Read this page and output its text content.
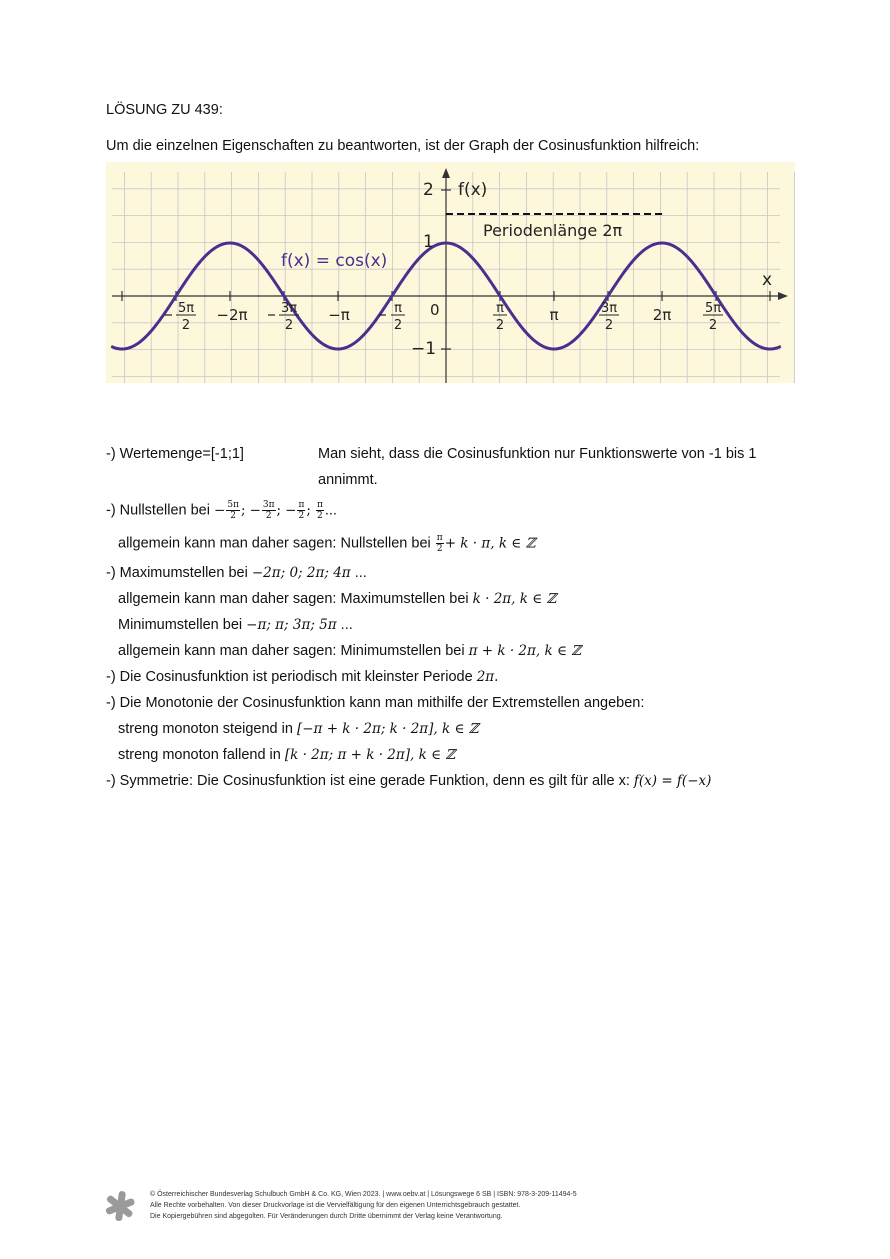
LÖSUNG ZU 439:
Um die einzelnen Eigenschaften zu beantworten, ist der Graph der Cosinusfunktion hilfreich:
f(x)
x
2
1
−1
0
f(x) = cos(x)
Periodenlänge 2π
5π
2
−2π	3π
2
−π	π
2
π
2
π	3π
2
2π	5π
2
-) Wertemenge=[-1;1]	Man sieht, dass die Cosinusfunktion nur Funktionswerte von -1 bis 1
annimmt.
-) Nullstellen bei − $\frac{5\pi}{2}$ ; − $\frac{3\pi}{2}$ ; − $\frac{\pi}{2}$ ; $\frac{\pi}{2}$ ...
allgemein kann man daher sagen: Nullstellen bei $\frac{\pi}{2} + k \cdot \pi$, k ∈ ℤ
-) Maximumstellen bei −2π; 0; 2π; 4π ...
allgemein kann man daher sagen: Maximumstellen bei k · 2π, k ∈ ℤ
Minimumstellen bei −π; π; 3π; 5π ...
allgemein kann man daher sagen: Minimumstellen bei π + k · 2π, k ∈ ℤ
-) Die Cosinusfunktion ist periodisch mit kleinster Periode 2π.
-) Die Monotonie der Cosinusfunktion kann man mithilfe der Extremstellen angeben:
streng monoton steigend in [−π + k · 2π; k · 2π], k ∈ ℤ
streng monoton fallend in [k · 2π; π + k · 2π], k ∈ ℤ
-) Symmetrie: Die Cosinusfunktion ist eine gerade Funktion, denn es gilt für alle x: f(x) = f(−x)
© Österreichischer Bundesverlag Schulbuch GmbH & Co. KG, Wien 2023. | www.oebv.at | Lösungswege 6 SB | ISBN: 978-3-209-11494-5
Alle Rechte vorbehalten. Von dieser Druckvorlage ist die Vervielfältigung für den eigenen Unterrichtsgebrauch gestattet.
Die Kopiergebühren sind abgegolten. Für Veränderungen durch Dritte übernimmt der Verlag keine Verantwortung.
